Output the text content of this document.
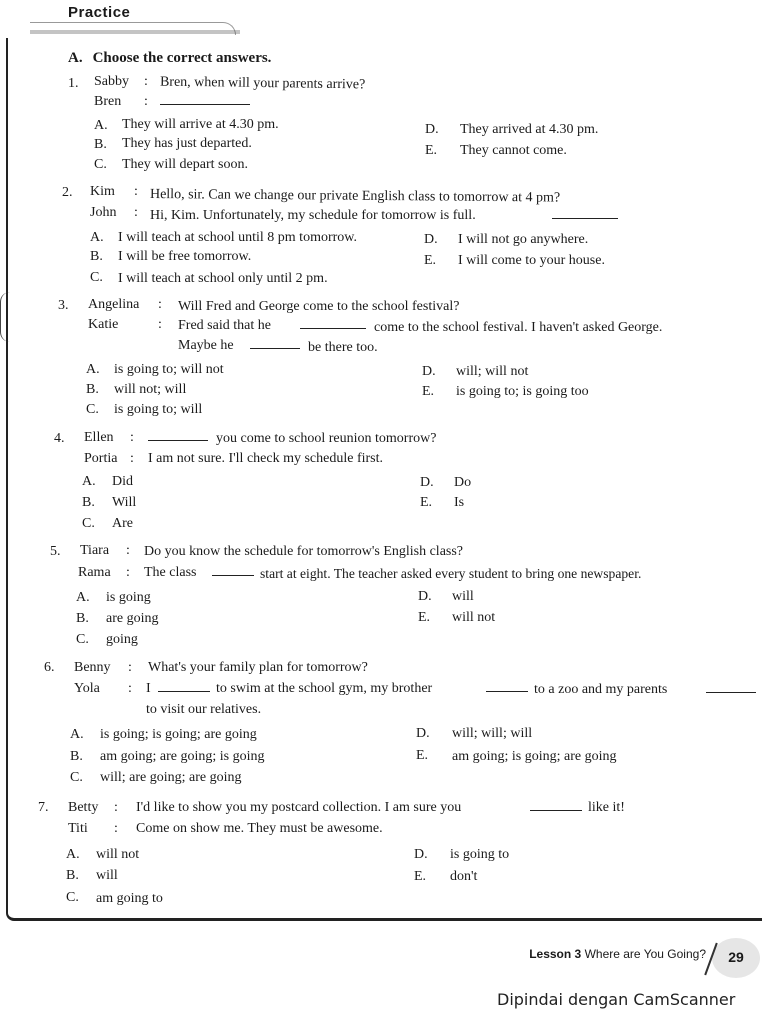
Practice
A. Choose the correct answers.
1. Sabby : Bren, when will your parents arrive?
Bren :
A. They will arrive at 4.30 pm.
B. They has just departed.
C. They will depart soon.
D. They arrived at 4.30 pm.
E. They cannot come.
2. Kim : Hello, sir. Can we change our private English class to tomorrow at 4 pm?
John : Hi, Kim. Unfortunately, my schedule for tomorrow is full.
A. I will teach at school until 8 pm tomorrow.
B. I will be free tomorrow.
C. I will teach at school only until 2 pm.
D. I will not go anywhere.
E. I will come to your house.
3. Angelina : Will Fred and George come to the school festival?
Katie	: Fred said that he	come to the school festival. I haven't asked George.
Maybe he	be there too.
A. is going to; will not
B. will not; will
C. is going to; will
D. will; will not
E. is going to; is going too
4. Ellen :	you come to school reunion tomorrow?
Portia : I am not sure. I'll check my schedule first.
A. Did
B. Will
C. Are
D. Do
E. Is
5. Tiara : Do you know the schedule for tomorrow's English class?
Rama : The class	start at eight. The teacher asked every student to bring one newspaper.
A. is going
B. are going
C. going
D. will
E. will not
6. Benny : What's your family plan for tomorrow?
Yola : I	to swim at the school gym, my brother	to a zoo and my parents
to visit our relatives.
A. is going; is going; are going
B. am going; are going; is going
C. will; are going; are going
D. will; will; will
E. am going; is going; are going
7. Betty : I'd like to show you my postcard collection. I am sure you	like it!
Titi : Come on show me. They must be awesome.
A. will not
B. will
C. am going to
D. is going to
E. don't
Lesson 3 Where are You Going?	29
Dipindai dengan CamScanner
